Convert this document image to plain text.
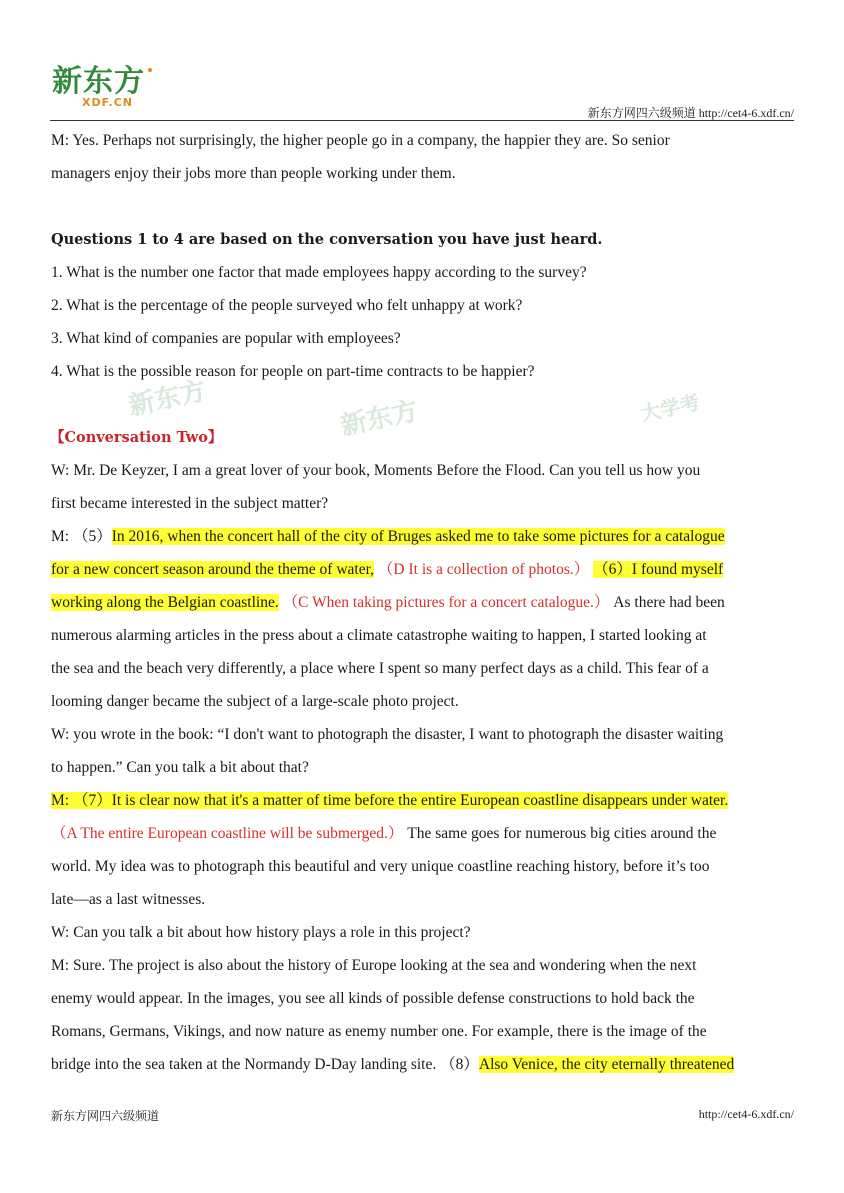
新东方
XDF.CN
新东方网四六级频道 http://cet4-6.xdf.cn/
新东方	新东方	大学考
M: Yes. Perhaps not surprisingly, the higher people go in a company, the happier they are. So senior
managers enjoy their jobs more than people working under them.
Questions 1 to 4 are based on the conversation you have just heard.
1. What is the number one factor that made employees happy according to the survey?
2. What is the percentage of the people surveyed who felt unhappy at work?
3. What kind of companies are popular with employees?
4. What is the possible reason for people on part-time contracts to be happier?
【Conversation Two】
W: Mr. De Keyzer, I am a great lover of your book, Moments Before the Flood. Can you tell us how you
first became interested in the subject matter?
M: （5）In 2016, when the concert hall of the city of Bruges asked me to take some pictures for a catalogue
for a new concert season around the theme of water, （D It is a collection of photos.） （6）I found myself
working along the Belgian coastline. （C When taking pictures for a concert catalogue.） As there had been
numerous alarming articles in the press about a climate catastrophe waiting to happen, I started looking at
the sea and the beach very differently, a place where I spent so many perfect days as a child. This fear of a
looming danger became the subject of a large-scale photo project.
W: you wrote in the book: “I don't want to photograph the disaster, I want to photograph the disaster waiting
to happen.” Can you talk a bit about that?
M: （7）It is clear now that it's a matter of time before the entire European coastline disappears under water.
（A The entire European coastline will be submerged.） The same goes for numerous big cities around the
world. My idea was to photograph this beautiful and very unique coastline reaching history, before it’s too
late—as a last witnesses.
W: Can you talk a bit about how history plays a role in this project?
M: Sure. The project is also about the history of Europe looking at the sea and wondering when the next
enemy would appear. In the images, you see all kinds of possible defense constructions to hold back the
Romans, Germans, Vikings, and now nature as enemy number one. For example, there is the image of the
bridge into the sea taken at the Normandy D-Day landing site. （8）Also Venice, the city eternally threatened
新东方网四六级频道	http://cet4-6.xdf.cn/
